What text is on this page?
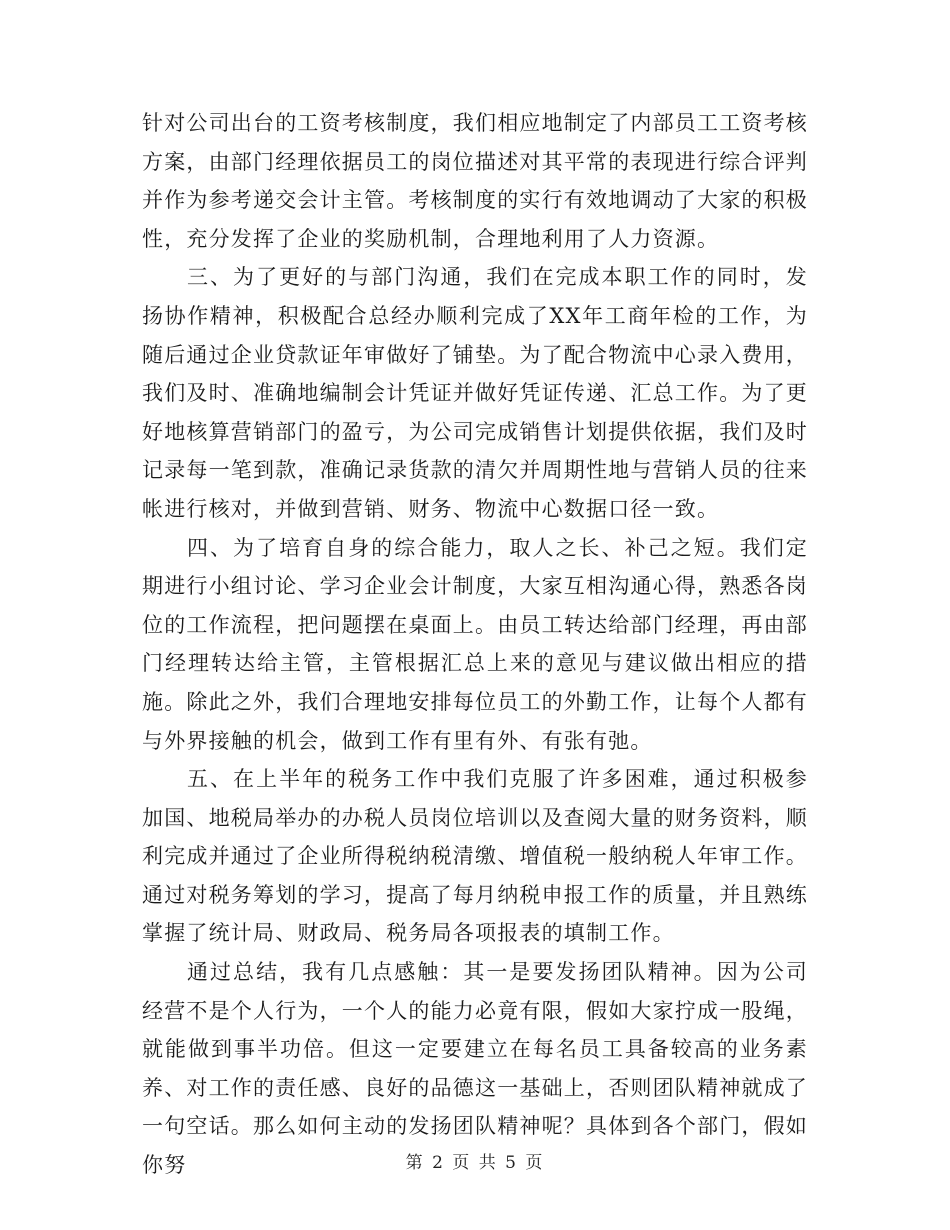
针对公司出台的工资考核制度，我们相应地制定了内部员工工资考核方案，由部门经理依据员工的岗位描述对其平常的表现进行综合评判并作为参考递交会计主管。考核制度的实行有效地调动了大家的积极性，充分发挥了企业的奖励机制，合理地利用了人力资源。

三、为了更好的与部门沟通，我们在完成本职工作的同时，发扬协作精神，积极配合总经办顺利完成了XX年工商年检的工作，为随后通过企业贷款证年审做好了铺垫。为了配合物流中心录入费用，我们及时、准确地编制会计凭证并做好凭证传递、汇总工作。为了更好地核算营销部门的盈亏，为公司完成销售计划提供依据，我们及时记录每一笔到款，准确记录货款的清欠并周期性地与营销人员的往来帐进行核对，并做到营销、财务、物流中心数据口径一致。

四、为了培育自身的综合能力，取人之长、补己之短。我们定期进行小组讨论、学习企业会计制度，大家互相沟通心得，熟悉各岗位的工作流程，把问题摆在桌面上。由员工转达给部门经理，再由部门经理转达给主管，主管根据汇总上来的意见与建议做出相应的措施。除此之外，我们合理地安排每位员工的外勤工作，让每个人都有与外界接触的机会，做到工作有里有外、有张有弛。

五、在上半年的税务工作中我们克服了许多困难，通过积极参加国、地税局举办的办税人员岗位培训以及查阅大量的财务资料，顺利完成并通过了企业所得税纳税清缴、增值税一般纳税人年审工作。通过对税务筹划的学习，提高了每月纳税申报工作的质量，并且熟练掌握了统计局、财政局、税务局各项报表的填制工作。

通过总结，我有几点感触：其一是要发扬团队精神。因为公司经营不是个人行为，一个人的能力必竟有限，假如大家拧成一股绳，就能做到事半功倍。但这一定要建立在每名员工具备较高的业务素养、对工作的责任感、良好的品德这一基础上，否则团队精神就成了一句空话。那么如何主动的发扬团队精神呢？具体到各个部门，假如你努	第 2 页 共 5 页
